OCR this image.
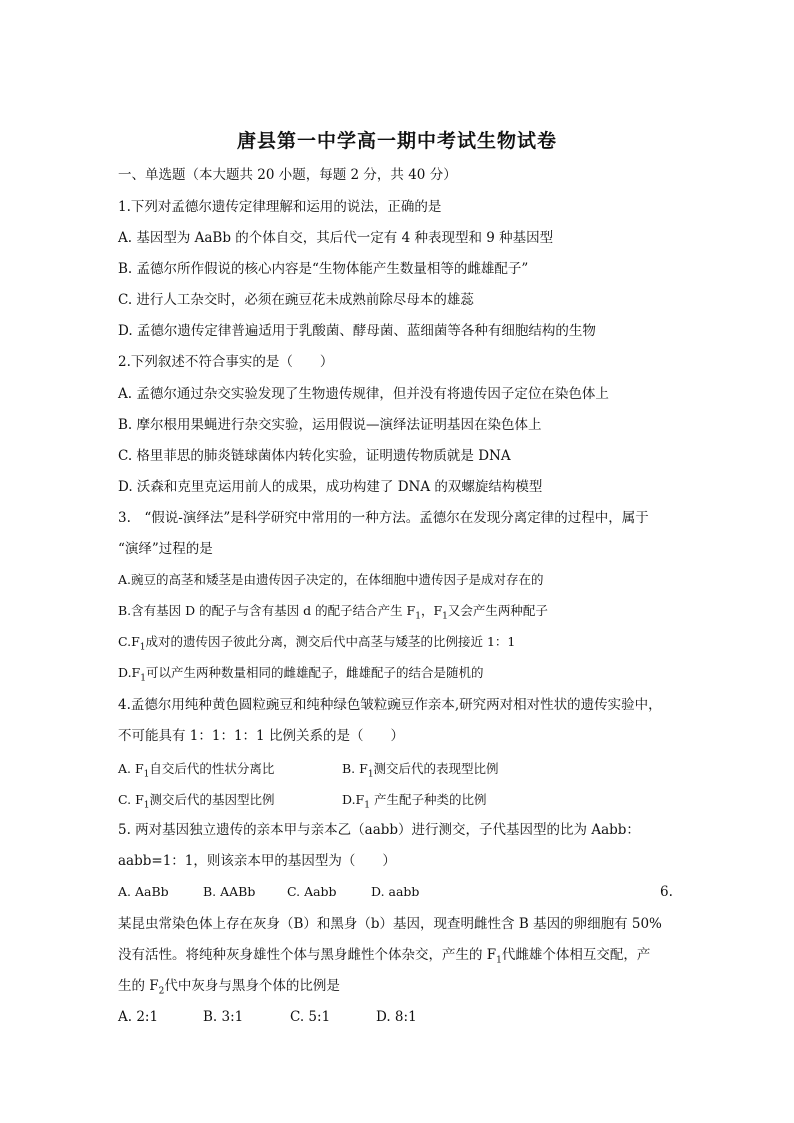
唐县第一中学高一期中考试生物试卷
一、单选题（本大题共 20 小题，每题 2 分，共 40 分）
1.下列对孟德尔遗传定律理解和运用的说法，正确的是
A. 基因型为 AaBb 的个体自交，其后代一定有 4 种表现型和 9 种基因型
B. 孟德尔所作假说的核心内容是“生物体能产生数量相等的雌雄配子”
C. 进行人工杂交时，必须在豌豆花未成熟前除尽母本的雄蕊
D. 孟德尔遗传定律普遍适用于乳酸菌、酵母菌、蓝细菌等各种有细胞结构的生物
2.下列叙述不符合事实的是（　　）
A. 孟德尔通过杂交实验发现了生物遗传规律，但并没有将遗传因子定位在染色体上
B. 摩尔根用果蝇进行杂交实验，运用假说—演绎法证明基因在染色体上
C. 格里菲思的肺炎链球菌体内转化实验，证明遗传物质就是 DNA
D. 沃森和克里克运用前人的成果，成功构建了 DNA 的双螺旋结构模型
3.　“假说-演绎法”是科学研究中常用的一种方法。孟德尔在发现分离定律的过程中，属于
“演绎”过程的是
A.豌豆的高茎和矮茎是由遗传因子决定的，在体细胞中遗传因子是成对存在的
B.含有基因 D 的配子与含有基因 d 的配子结合产生 $F_1$，$F_1$又会产生两种配子
$C.F_1$成对的遗传因子彼此分离，测交后代中高茎与矮茎的比例接近 1：1
$D.F_1$可以产生两种数量相同的雌雄配子，雌雄配子的结合是随机的
4.孟德尔用纯种黄色圆粒豌豆和纯种绿色皱粒豌豆作亲本,研究两对相对性状的遗传实验中，
不可能具有 1：1：1：1 比例关系的是（　　）
A. $F_1$自交后代的性状分离比	B. $F_1$测交后代的表现型比例
C. $F_1$测交后代的基因型比例	$D.F_1$ 产生配子种类的比例
5. 两对基因独立遗传的亲本甲与亲本乙（aabb）进行测交，子代基因型的比为 Aabb：
aabb=1：1，则该亲本甲的基因型为（　　）
A. AaBb	B. AABb	C. Aabb	D. aabb	6.
某昆虫常染色体上存在灰身（B）和黑身（b）基因，现查明雌性含 B 基因的卵细胞有 50%
没有活性。将纯种灰身雄性个体与黑身雌性个体杂交，产生的 $F_1$代雌雄个体相互交配，产
生的 $F_2$代中灰身与黑身个体的比例是
A. 2:1	B. 3:1	C. 5:1	D. 8:1
